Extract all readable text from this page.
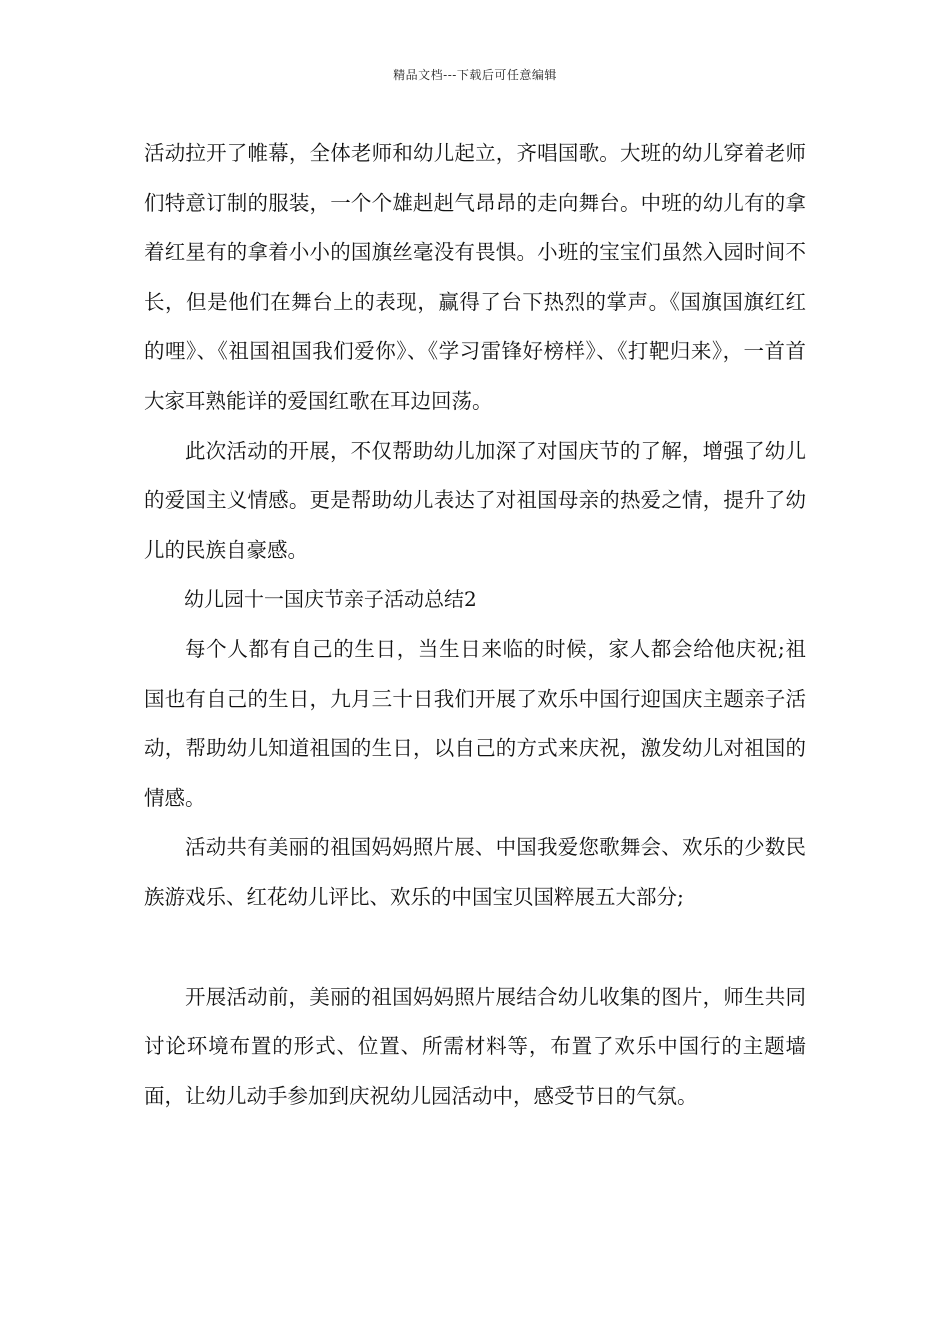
精品文档---下载后可任意编辑

活动拉开了帷幕，全体老师和幼儿起立，齐唱国歌。大班的幼儿穿着老师们特意订制的服装，一个个雄赳赳气昂昂的走向舞台。中班的幼儿有的拿着红星有的拿着小小的国旗丝毫没有畏惧。小班的宝宝们虽然入园时间不长，但是他们在舞台上的表现，赢得了台下热烈的掌声。《国旗国旗红红的哩》、《祖国祖国我们爱你》、《学习雷锋好榜样》、《打靶归来》，一首首大家耳熟能详的爱国红歌在耳边回荡。

此次活动的开展，不仅帮助幼儿加深了对国庆节的了解，增强了幼儿的爱国主义情感。更是帮助幼儿表达了对祖国母亲的热爱之情，提升了幼儿的民族自豪感。

幼儿园十一国庆节亲子活动总结2

每个人都有自己的生日，当生日来临的时候，家人都会给他庆祝;祖国也有自己的生日，九月三十日我们开展了欢乐中国行迎国庆主题亲子活动，帮助幼儿知道祖国的生日，以自己的方式来庆祝，激发幼儿对祖国的情感。

活动共有美丽的祖国妈妈照片展、中国我爱您歌舞会、欢乐的少数民族游戏乐、红花幼儿评比、欢乐的中国宝贝国粹展五大部分;

开展活动前，美丽的祖国妈妈照片展结合幼儿收集的图片，师生共同讨论环境布置的形式、位置、所需材料等，布置了欢乐中国行的主题墙面，让幼儿动手参加到庆祝幼儿园活动中，感受节日的气氛。
